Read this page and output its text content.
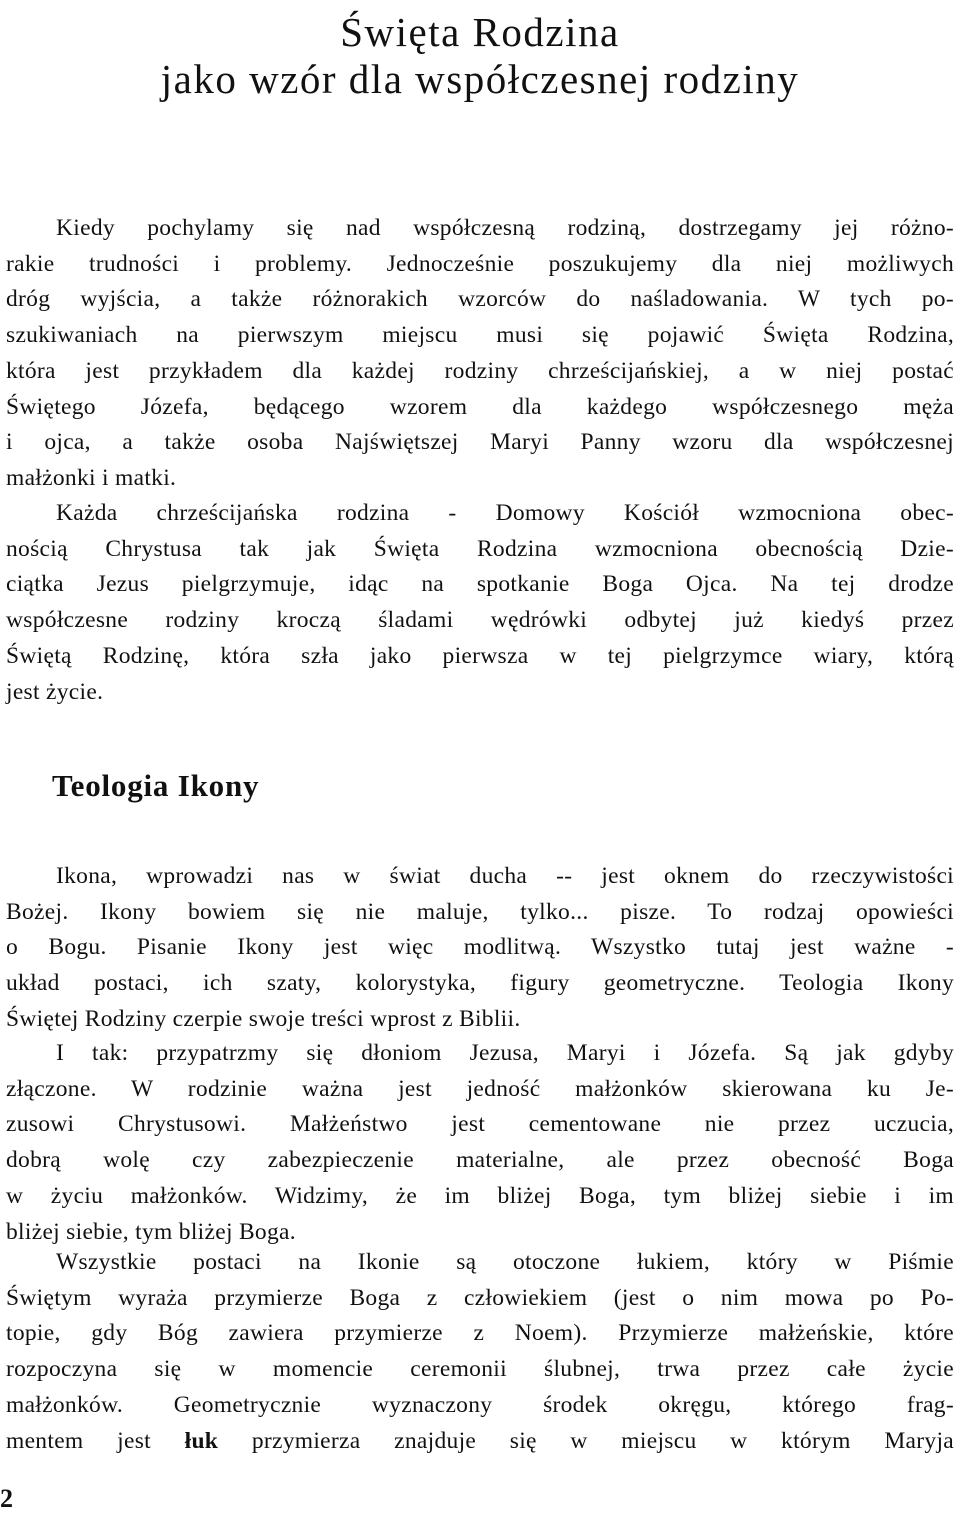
Święta Rodzina
jako wzór dla współczesnej rodziny

Kiedy pochylamy się nad współczesną rodziną, dostrzegamy jej różno-
rakie trudności i problemy. Jednocześnie poszukujemy dla niej możliwych
dróg wyjścia, a także różnorakich wzorców do naśladowania. W tych po-
szukiwaniach na pierwszym miejscu musi się pojawić Święta Rodzina,
która jest przykładem dla każdej rodziny chrześcijańskiej, a w niej postać
Świętego Józefa, będącego wzorem dla każdego współczesnego męża
i ojca, a także osoba Najświętszej Maryi Panny wzoru dla współczesnej
małżonki i matki.

Każda chrześcijańska rodzina - Domowy Kościół wzmocniona obec-
nością Chrystusa tak jak Święta Rodzina wzmocniona obecnością Dzie-
ciątka Jezus pielgrzymuje, idąc na spotkanie Boga Ojca. Na tej drodze
współczesne rodziny kroczą śladami wędrówki odbytej już kiedyś przez
Świętą Rodzinę, która szła jako pierwsza w tej pielgrzymce wiary, którą
jest życie.

Teologia Ikony

Ikona, wprowadzi nas w świat ducha -- jest oknem do rzeczywistości
Bożej. Ikony bowiem się nie maluje, tylko... pisze. To rodzaj opowieści
o Bogu. Pisanie Ikony jest więc modlitwą. Wszystko tutaj jest ważne -
układ postaci, ich szaty, kolorystyka, figury geometryczne. Teologia Ikony
Świętej Rodziny czerpie swoje treści wprost z Biblii.

I tak: przypatrzmy się dłoniom Jezusa, Maryi i Józefa. Są jak gdyby
złączone. W rodzinie ważna jest jedność małżonków skierowana ku Je-
zusowi Chrystusowi. Małżeństwo jest cementowane nie przez uczucia,
dobrą wolę czy zabezpieczenie materialne, ale przez obecność Boga
w życiu małżonków. Widzimy, że im bliżej Boga, tym bliżej siebie i im
bliżej siebie, tym bliżej Boga.

Wszystkie postaci na Ikonie są otoczone łukiem, który w Piśmie
Świętym wyraża przymierze Boga z człowiekiem (jest o nim mowa po Po-
topie, gdy Bóg zawiera przymierze z Noem). Przymierze małżeńskie, które
rozpoczyna się w momencie ceremonii ślubnej, trwa przez całe życie
małżonków. Geometrycznie wyznaczony środek okręgu, którego frag-
mentem jest łuk przymierza znajduje się w miejscu w którym Maryja

2
